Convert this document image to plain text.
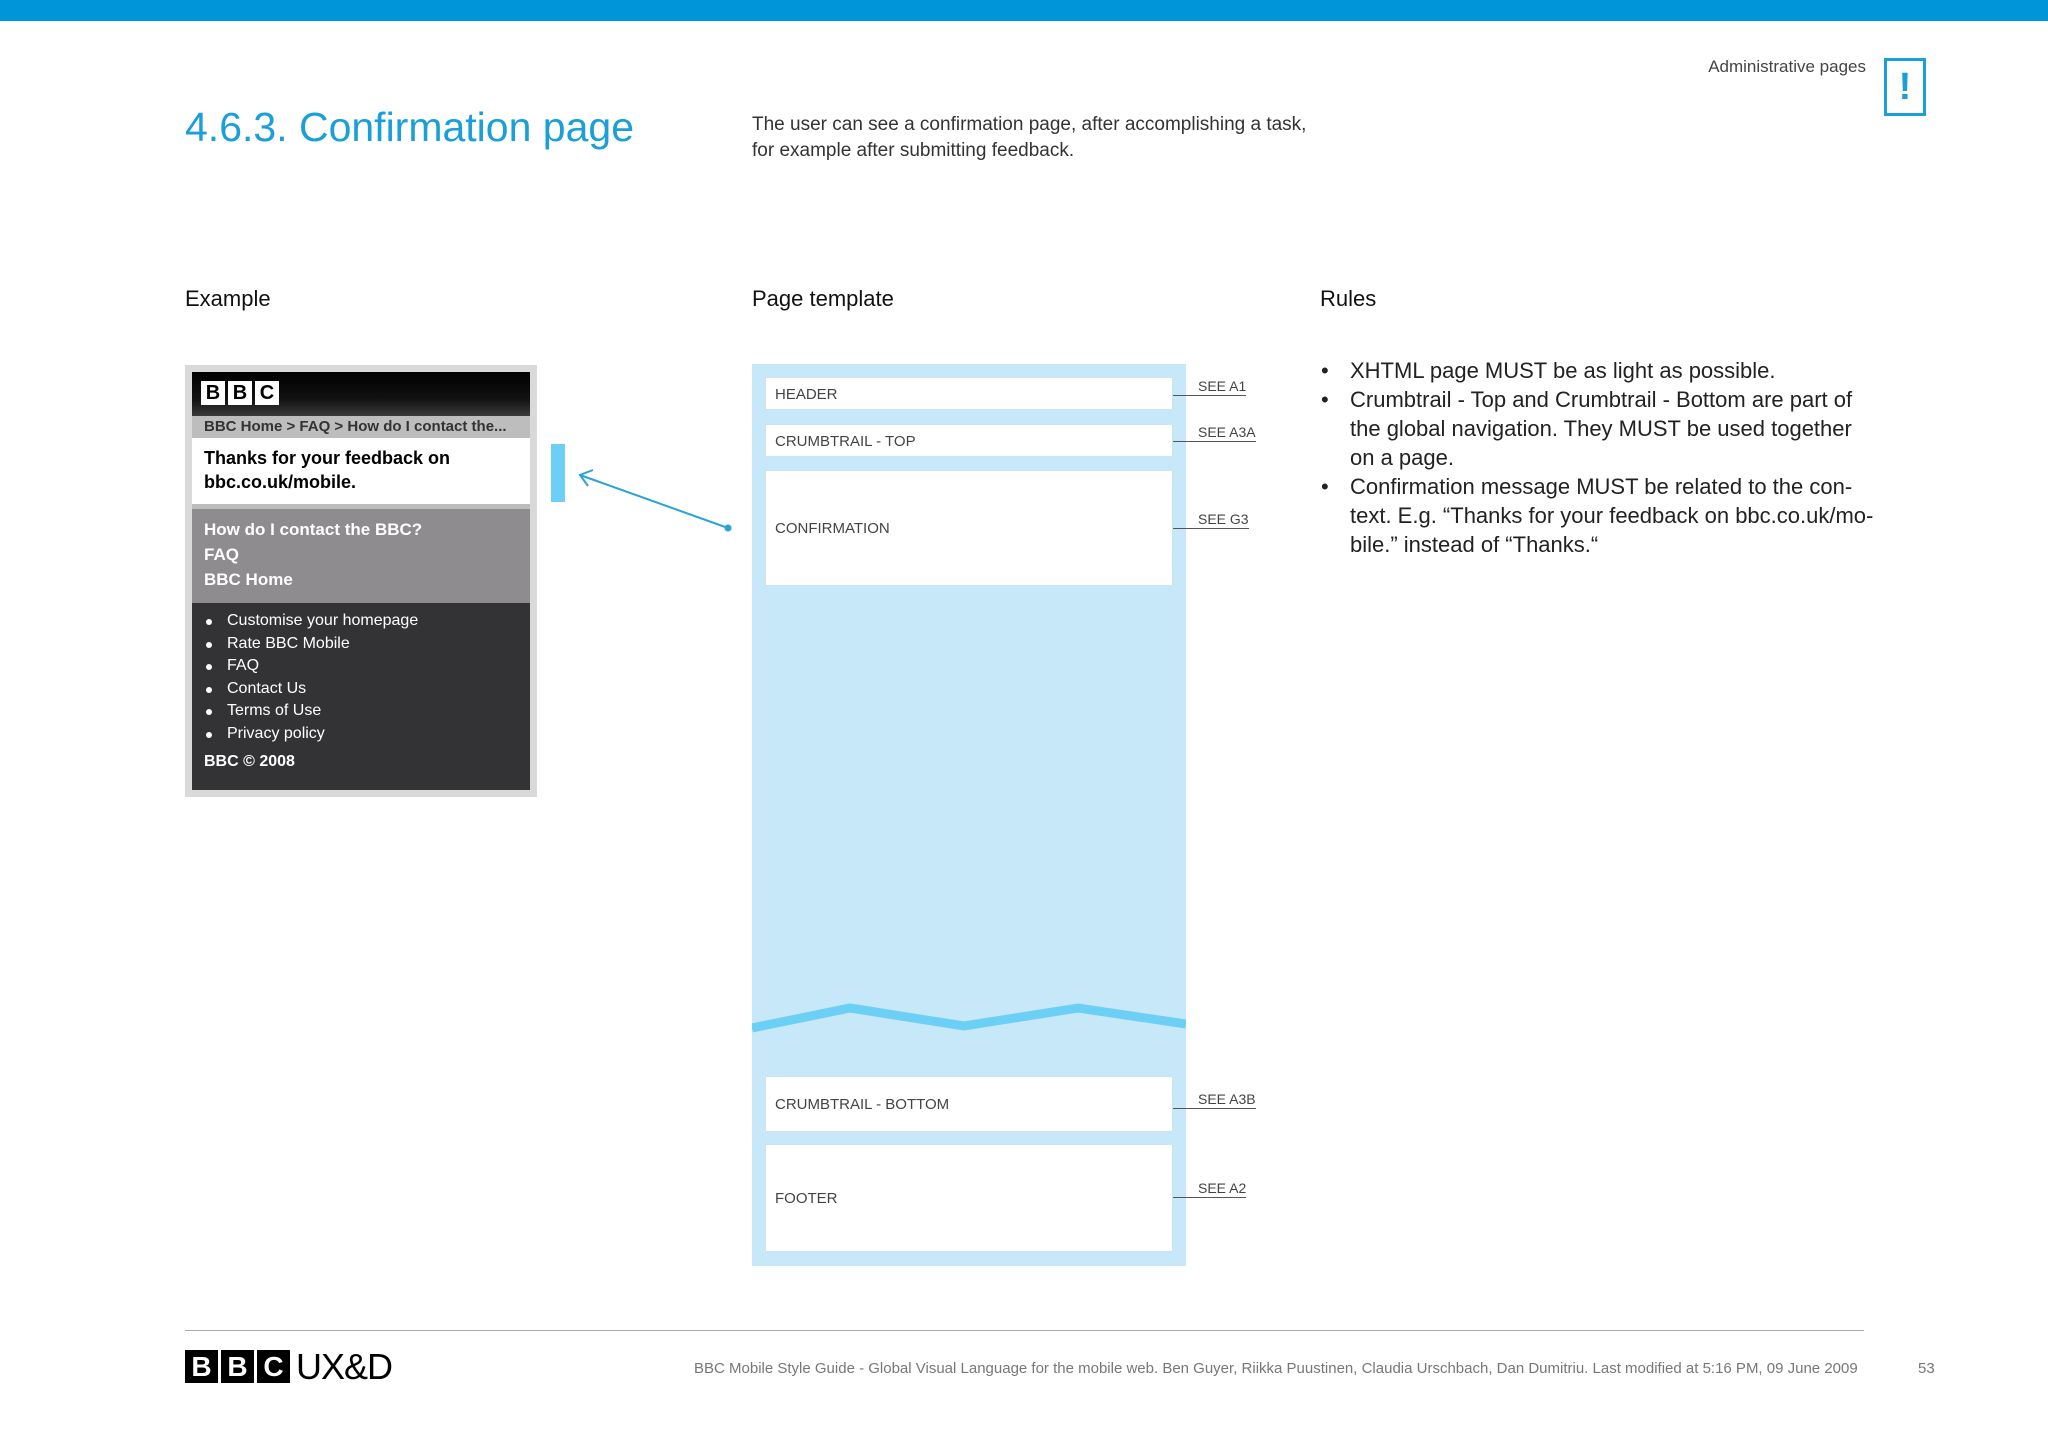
Administrative pages !
4.6.3. Confirmation page	The user can see a confirmation page, after accomplishing a task, for example after submitting feedback.
Example	Page template	Rules
B B C
BBC Home > FAQ > How do I contact the...
Thanks for your feedback on bbc.co.uk/mobile.
How do I contact the BBC?
FAQ
BBC Home
Customise your homepage
Rate BBC Mobile
FAQ
Contact Us
Terms of Use
Privacy policy
BBC © 2008
HEADER
CRUMBTRAIL - TOP
CONFIRMATION
CRUMBTRAIL - BOTTOM
FOOTER
SEE A1
SEE A3A
SEE G3
SEE A3B
SEE A2
• XHTML page MUST be as light as possible.
• Crumbtrail - Top and Crumbtrail - Bottom are part of the global navigation. They MUST be used together on a page.
• Confirmation message MUST be related to the con-text. E.g. “Thanks for your feedback on bbc.co.uk/mo-bile.” instead of “Thanks.“
B B C UX&D	BBC Mobile Style Guide - Global Visual Language for the mobile web. Ben Guyer, Riikka Puustinen, Claudia Urschbach, Dan Dumitriu. Last modified at 5:16 PM, 09 June 2009	53
